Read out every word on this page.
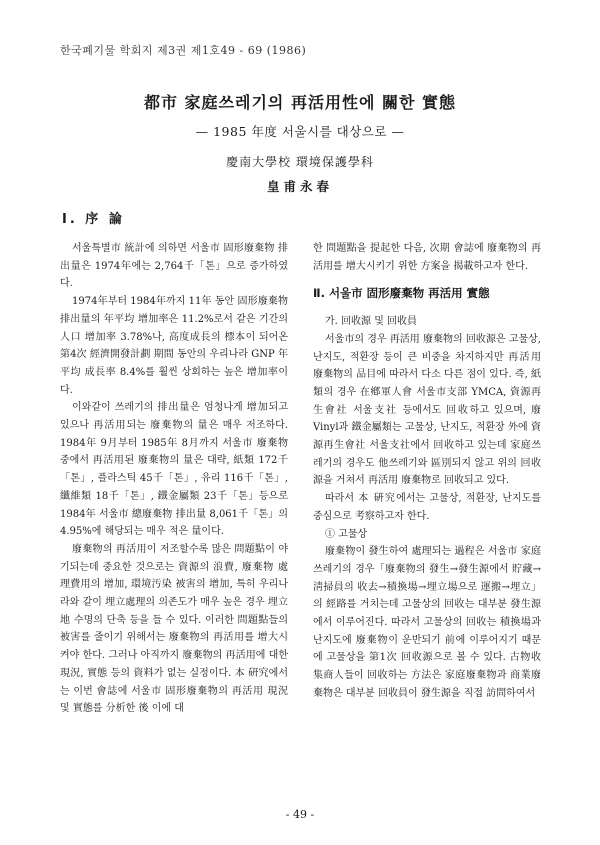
한국폐기물 학회지 제3권 제1호49 - 69 (1986)
都市 家庭쓰레기의 再活用性에 關한 實態
— 1985 年度 서울시를 대상으로 —
慶南大學校 環境保護學科
皇甫永春
Ⅰ. 序 論

서울특별市 統計에 의하면 서울市 固形廢棄物 排出量은 1974年에는 2,764千「톤」으로 증가하였다.

1974年부터 1984年까지 11年 동안 固形廢棄物 排出量의 年平均 增加率은 11.2%로서 같은 기간의 人口 增加率 3.78%나, 高度成長의 標本이 되어온 第4次 經濟開發計劃 期間 동안의 우리나라 GNP 年平均 成長率 8.4%를 훨씬 상회하는 높은 增加率이다.

이와같이 쓰레기의 排出量은 엄청나게 增加되고 있으나 再活用되는 廢棄物의 量은 매우 저조하다. 1984年 9月부터 1985年 8月까지 서울市 廢棄物 중에서 再活用된 廢棄物의 量은 대략, 紙類 172千「톤」, 플라스틱 45千「톤」, 유리 116千「톤」, 纖維類 18千「톤」, 鐵金屬類 23千「톤」등으로 1984年 서울市 總廢棄物 排出量 8,061千「톤」의 4.95%에 해당되는 매우 적은 量이다.

廢棄物의 再活用이 저조할수록 많은 問題點이 야기되는데 중요한 것으로는 資源의 浪費, 廢棄物 處理費用의 增加, 環境汚染 被害의 增加, 특히 우리나라와 같이 埋立處理의 의존도가 매우 높은 경우 埋立地 수명의 단축 등을 들 수 있다. 이러한 問題點들의 被害를 줄이기 위해서는 廢棄物의 再活用를 增大시켜야 한다. 그러나 아직까지 廢棄物의 再活用에 대한 現況, 實態 등의 資料가 없는 실정이다. 本 硏究에서는 이번 會誌에 서울市 固形廢棄物의 再活用 現況 및 實態를 分析한 後 이에 대

한 問題點을 提起한 다음, 次期 會誌에 廢棄物의 再活用를 增大시키기 위한 方案을 揭載하고자 한다.

Ⅱ. 서울市 固形廢棄物 再活用 實態

가. 回收源 및 回收員

서울市의 경우 再活用 廢棄物의 回收源은 고물상, 난지도, 적환장 등이 큰 비중을 차지하지만 再活用 廢棄物의 品目에 따라서 다소 다른 점이 있다. 즉, 紙類의 경우 在鄕軍人會 서울市支部 YMCA, 資源再生會社 서울支社 등에서도 回收하고 있으며, 廢Vinyl과 鐵金屬類는 고물상, 난지도, 적환장 外에 資源再生會社 서울支社에서 回收하고 있는데 家庭쓰레기의 경우도 他쓰레기와 區別되지 않고 위의 回收源을 거쳐서 再活用 廢棄物로 回收되고 있다.

따라서 本 硏究에서는 고물상, 적환장, 난지도를 중심으로 考察하고자 한다.

① 고물상

廢棄物이 發生하여 處理되는 過程은 서울市 家庭쓰레기의 경우「廢棄物의 發生→發生源에서 貯藏→淸掃員의 收去→積換場→埋立場으로 運搬→埋立」의 經路를 거치는데 고물상의 回收는 대부분 發生源에서 이루어진다. 따라서 고물상의 回收는 積換場과 난지도에 廢棄物이 운반되기 前에 이루어지기 때문에 고물상을 第1次 回收源으로 볼 수 있다. 古物收集商人들이 回收하는 方法은 家庭廢棄物과 商業廢棄物은 대부분 回收員이 發生源을 직접 訪問하여서

- 49 -
